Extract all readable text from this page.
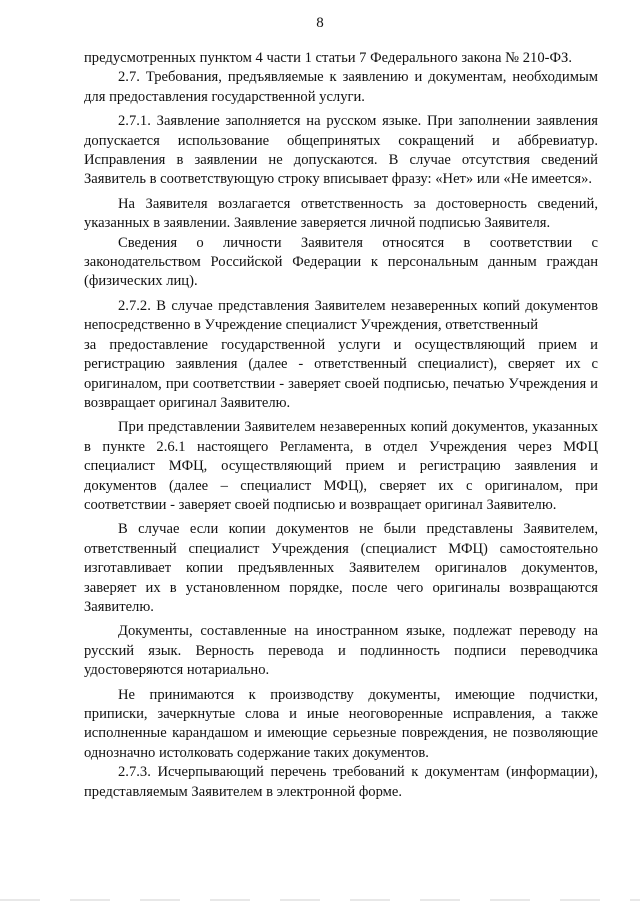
8

предусмотренных пунктом 4 части 1 статьи 7 Федерального закона № 210-ФЗ.

2.7. Требования, предъявляемые к заявлению и документам, необходимым для предоставления государственной услуги.

2.7.1. Заявление заполняется на русском языке. При заполнении заявления допускается использование общепринятых сокращений и аббревиатур. Исправления в заявлении не допускаются. В случае отсутствия сведений Заявитель в соответствующую строку вписывает фразу: «Нет» или «Не имеется».

На Заявителя возлагается ответственность за достоверность сведений, указанных в заявлении. Заявление заверяется личной подписью Заявителя.

Сведения о личности Заявителя относятся в соответствии с законодательством Российской Федерации к персональным данным граждан (физических лиц).

2.7.2. В случае представления Заявителем незаверенных копий документов непосредственно в Учреждение специалист Учреждения, ответственный

за предоставление государственной услуги и осуществляющий прием и регистрацию заявления (далее - ответственный специалист), сверяет их с оригиналом, при соответствии - заверяет своей подписью, печатью Учреждения и возвращает оригинал Заявителю.

При представлении Заявителем незаверенных копий документов, указанных в пункте 2.6.1 настоящего Регламента, в отдел Учреждения через МФЦ специалист МФЦ, осуществляющий прием и регистрацию заявления и документов (далее – специалист МФЦ), сверяет их с оригиналом, при соответствии - заверяет своей подписью и возвращает оригинал Заявителю.

В случае если копии документов не были представлены Заявителем, ответственный специалист Учреждения (специалист МФЦ) самостоятельно изготавливает копии предъявленных Заявителем оригиналов документов, заверяет их в установленном порядке, после чего оригиналы возвращаются Заявителю.

Документы, составленные на иностранном языке, подлежат переводу на русский язык. Верность перевода и подлинность подписи переводчика удостоверяются нотариально.

Не принимаются к производству документы, имеющие подчистки, приписки, зачеркнутые слова и иные неоговоренные исправления, а также исполненные карандашом и имеющие серьезные повреждения, не позволяющие однозначно истолковать содержание таких документов.

2.7.3. Исчерпывающий перечень требований к документам (информации), представляемым Заявителем в электронной форме.
